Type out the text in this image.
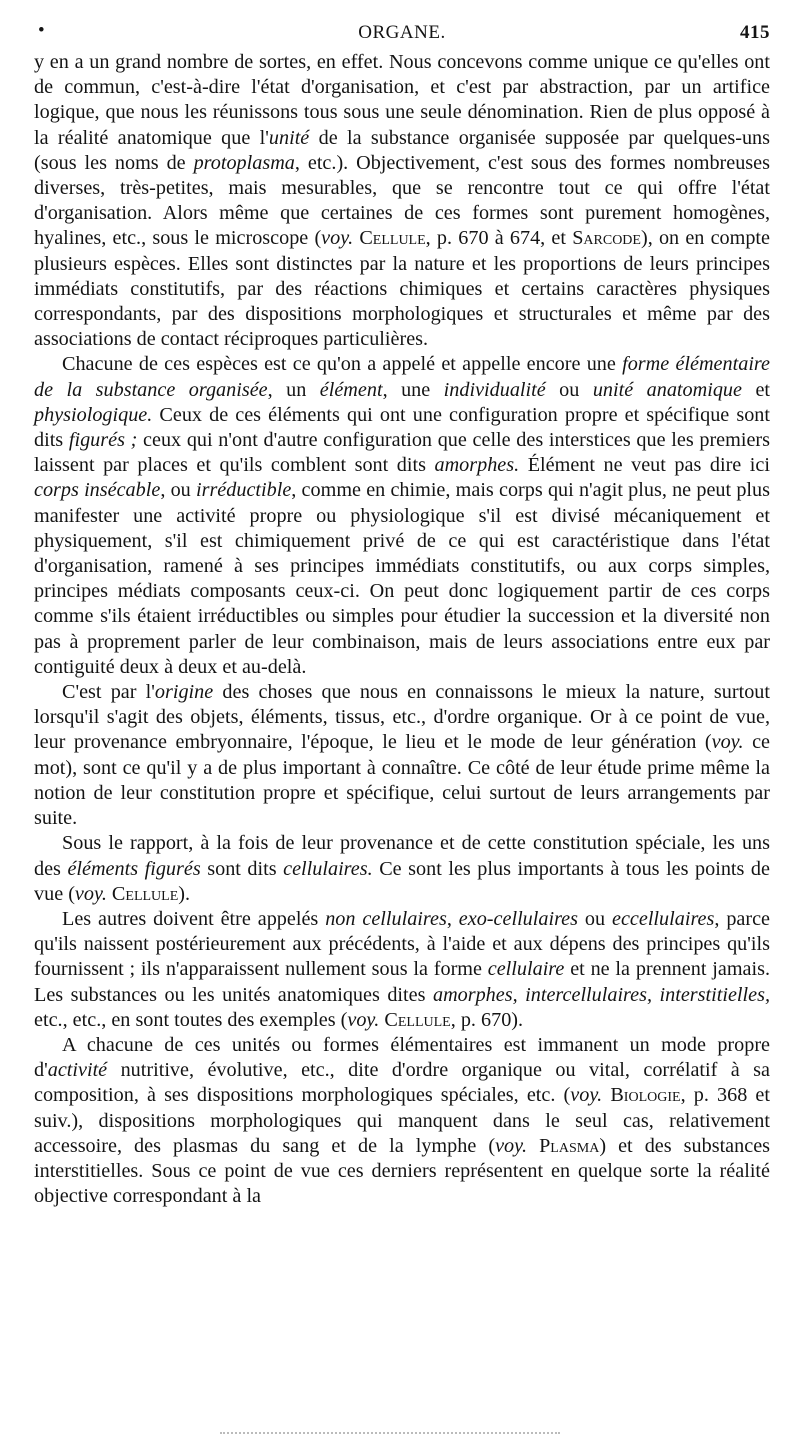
•	ORGANE.	415

y en a un grand nombre de sortes, en effet. Nous concevons comme unique ce qu'elles ont de commun, c'est-à-dire l'état d'organisation, et c'est par abstraction, par un artifice logique, que nous les réunissons tous sous une seule dénomination. Rien de plus opposé à la réalité anatomique que l'unité de la substance organisée supposée par quelques-uns (sous les noms de protoplasma, etc.). Objectivement, c'est sous des formes nombreuses diverses, très-petites, mais mesurables, que se rencontre tout ce qui offre l'état d'organisation. Alors même que certaines de ces formes sont purement homogènes, hyalines, etc., sous le microscope (voy. Cellule, p. 670 à 674, et Sarcode), on en compte plusieurs espèces. Elles sont distinctes par la nature et les proportions de leurs principes immédiats constitutifs, par des réactions chimiques et certains caractères physiques correspondants, par des dispositions morphologiques et structurales et même par des associations de contact réciproques particulières.

Chacune de ces espèces est ce qu'on a appelé et appelle encore une forme élémentaire de la substance organisée, un élément, une individualité ou unité anatomique et physiologique. Ceux de ces éléments qui ont une configuration propre et spécifique sont dits figurés ; ceux qui n'ont d'autre configuration que celle des interstices que les premiers laissent par places et qu'ils comblent sont dits amorphes. Élément ne veut pas dire ici corps insécable, ou irréductible, comme en chimie, mais corps qui n'agit plus, ne peut plus manifester une activité propre ou physiologique s'il est divisé mécaniquement et physiquement, s'il est chimiquement privé de ce qui est caractéristique dans l'état d'organisation, ramené à ses principes immédiats constitutifs, ou aux corps simples, principes médiats composants ceux-ci. On peut donc logiquement partir de ces corps comme s'ils étaient irréductibles ou simples pour étudier la succession et la diversité non pas à proprement parler de leur combinaison, mais de leurs associations entre eux par contiguité deux à deux et au-delà.

C'est par l'origine des choses que nous en connaissons le mieux la nature, surtout lorsqu'il s'agit des objets, éléments, tissus, etc., d'ordre organique. Or à ce point de vue, leur provenance embryonnaire, l'époque, le lieu et le mode de leur génération (voy. ce mot), sont ce qu'il y a de plus important à connaître. Ce côté de leur étude prime même la notion de leur constitution propre et spécifique, celui surtout de leurs arrangements par suite.

Sous le rapport, à la fois de leur provenance et de cette constitution spéciale, les uns des éléments figurés sont dits cellulaires. Ce sont les plus importants à tous les points de vue (voy. Cellule).

Les autres doivent être appelés non cellulaires, exo-cellulaires ou eccellulaires, parce qu'ils naissent postérieurement aux précédents, à l'aide et aux dépens des principes qu'ils fournissent ; ils n'apparaissent nullement sous la forme cellulaire et ne la prennent jamais. Les substances ou les unités anatomiques dites amorphes, intercellulaires, interstitielles, etc., etc., en sont toutes des exemples (voy. Cellule, p. 670).

A chacune de ces unités ou formes élémentaires est immanent un mode propre d'activité nutritive, évolutive, etc., dite d'ordre organique ou vital, corrélatif à sa composition, à ses dispositions morphologiques spéciales, etc. (voy. Biologie, p. 368 et suiv.), dispositions morphologiques qui manquent dans le seul cas, relativement accessoire, des plasmas du sang et de la lymphe (voy. Plasma) et des substances interstitielles. Sous ce point de vue ces derniers représentent en quelque sorte la réalité objective correspondant à la
